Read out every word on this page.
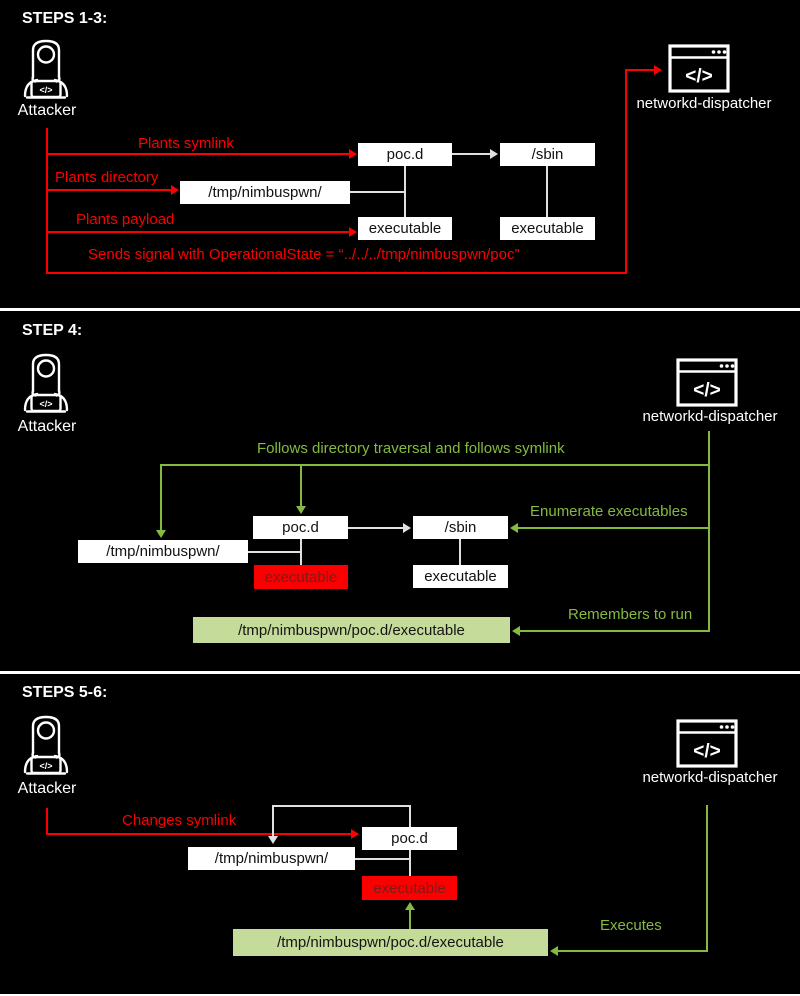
STEPS 1-3:
Attacker	networkd-dispatcher
Plants symlink
poc.d	/sbin
Plants directory
/tmp/nimbuspwn/
Plants payload
executable	executable
Sends signal with OperationalState = “../../../tmp/nimbuspwn/poc”
STEP 4:
Attacker
networkd-dispatcher
Follows directory traversal and follows symlink
poc.d	/sbin
/tmp/nimbuspwn/
executable	executable
Enumerate executables
/tmp/nimbuspwn/poc.d/executable
Remembers to run
STEPS 5-6:
Attacker
networkd-dispatcher
Changes symlink
poc.d
/tmp/nimbuspwn/
executable
/tmp/nimbuspwn/poc.d/executable
Executes
